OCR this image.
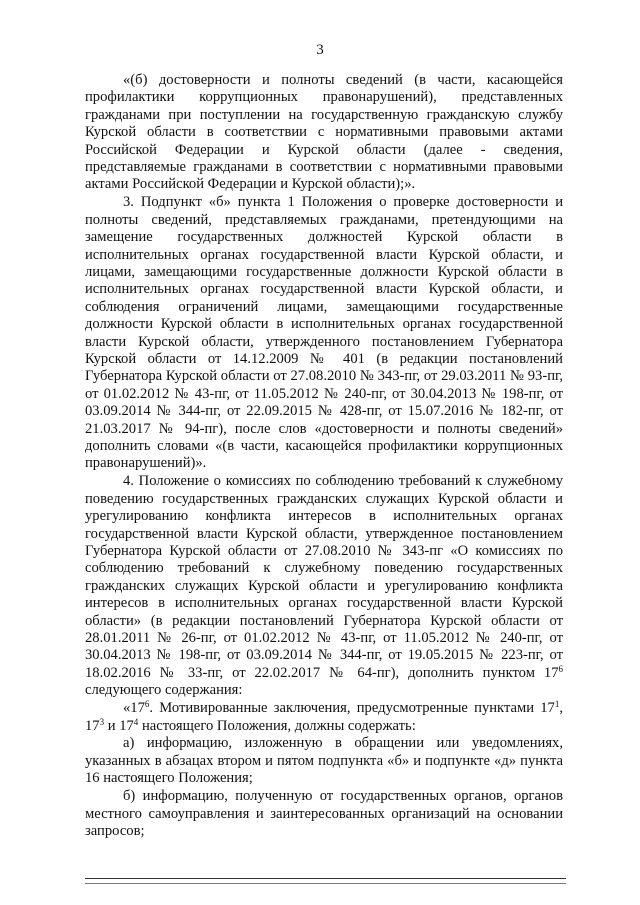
3

«(б) достоверности и полноты сведений (в части, касающейся профилактики коррупционных правонарушений), представленных гражданами при поступлении на государственную гражданскую службу Курской области в соответствии с нормативными правовыми актами Российской Федерации и Курской области (далее - сведения, представляемые гражданами в соответствии с нормативными правовыми актами Российской Федерации и Курской области);».

3. Подпункт «б» пункта 1 Положения о проверке достоверности и полноты сведений, представляемых гражданами, претендующими на замещение государственных должностей Курской области в исполнительных органах государственной власти Курской области, и лицами, замещающими государственные должности Курской области в исполнительных органах государственной власти Курской области, и соблюдения ограничений лицами, замещающими государственные должности Курской области в исполнительных органах государственной власти Курской области, утвержденного постановлением Губернатора Курской области от 14.12.2009 № 401 (в редакции постановлений Губернатора Курской области от 27.08.2010 № 343-пг, от 29.03.2011 № 93-пг, от 01.02.2012 № 43-пг, от 11.05.2012 № 240-пг, от 30.04.2013 № 198-пг, от 03.09.2014 № 344-пг, от 22.09.2015 № 428-пг, от 15.07.2016 № 182-пг, от 21.03.2017 № 94-пг), после слов «достоверности и полноты сведений» дополнить словами «(в части, касающейся профилактики коррупционных правонарушений)».

4. Положение о комиссиях по соблюдению требований к служебному поведению государственных гражданских служащих Курской области и урегулированию конфликта интересов в исполнительных органах государственной власти Курской области, утвержденное постановлением Губернатора Курской области от 27.08.2010 № 343-пг «О комиссиях по соблюдению требований к служебному поведению государственных гражданских служащих Курской области и урегулированию конфликта интересов в исполнительных органах государственной власти Курской области» (в редакции постановлений Губернатора Курской области от 28.01.2011 № 26-пг, от 01.02.2012 № 43-пг, от 11.05.2012 № 240-пг, от 30.04.2013 № 198-пг, от 03.09.2014 № 344-пг, от 19.05.2015 № 223-пг, от 18.02.2016 № 33-пг, от 22.02.2017 № 64-пг), дополнить пунктом $17^6$ следующего содержания:

«$17^6$. Мотивированные заключения, предусмотренные пунктами $17^1$, $17^3$ и $17^4$ настоящего Положения, должны содержать:

а) информацию, изложенную в обращении или уведомлениях, указанных в абзацах втором и пятом подпункта «б» и подпункте «д» пункта 16 настоящего Положения;

б) информацию, полученную от государственных органов, органов местного самоуправления и заинтересованных организаций на основании запросов;
